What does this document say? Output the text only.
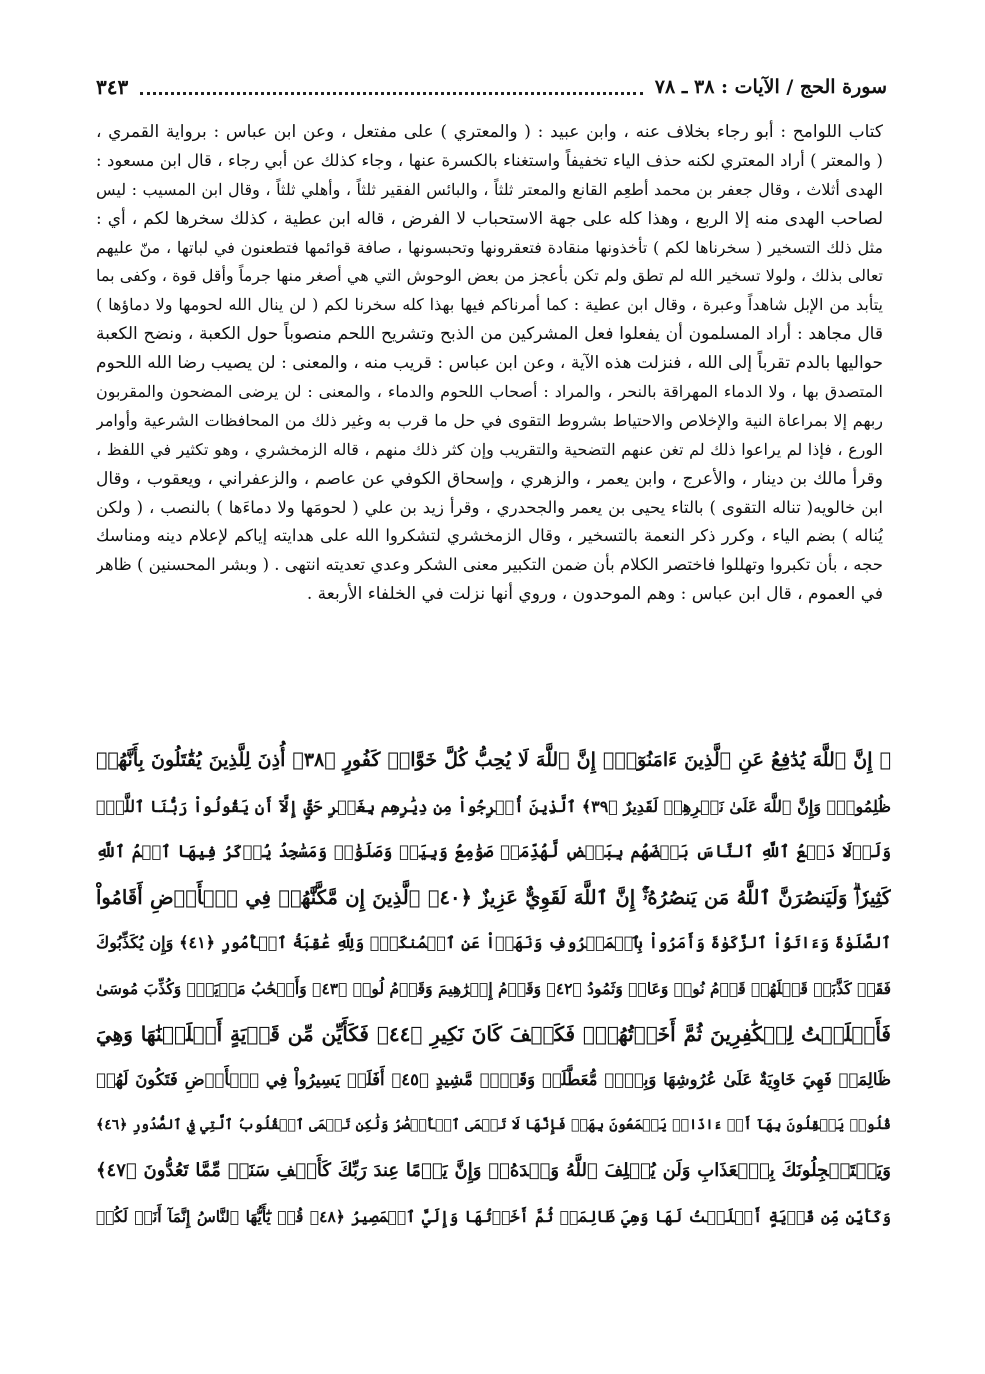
سورة الحج / الآيات : ٣٨ ـ ٧٨
٣٤٣
كتاب اللوامح : أبو رجاء بخلاف عنه ، وابن عبيد : ( والمعتري ) على مفتعل ، وعن ابن عباس : برواية القمري ،
( والمعتر ) أراد المعتري لكنه حذف الياء تخفيفاً واستغناء بالكسرة عنها ، وجاء كذلك عن أبي رجاء ، قال ابن مسعود :
الهدى أثلاث ، وقال جعفر بن محمد أطعِم القانع والمعتر ثلثاً ، والبائس الفقير ثلثاً ، وأهلي ثلثاً ، وقال ابن المسيب : ليس
لصاحب الهدى منه إلا الربع ، وهذا كله على جهة الاستحباب لا الفرض ، قاله ابن عطية ، كذلك سخرها لكم ، أي :
مثل ذلك التسخير ( سخرناها لكم ) تأخذونها منقادة فتعقرونها وتحبسونها ، صافة قوائمها فتطعنون في لباتها ، منّ عليهم
تعالى بذلك ، ولولا تسخير الله لم تطق ولم تكن بأعجز من بعض الوحوش التي هي أصغر منها جرماً وأقل قوة ، وكفى بما
يتأبد من الإبل شاهداً وعبرة ، وقال ابن عطية : كما أمرناكم فيها بهذا كله سخرنا لكم ( لن ينال الله لحومها ولا دماؤها )
قال مجاهد : أراد المسلمون أن يفعلوا فعل المشركين من الذبح وتشريح اللحم منصوباً حول الكعبة ، ونضح الكعبة
حواليها بالدم تقرباً إلى الله ، فنزلت هذه الآية ، وعن ابن عباس : قريب منه ، والمعنى : لن يصيب رضا الله اللحوم
المتصدق بها ، ولا الدماء المهراقة بالنحر ، والمراد : أصحاب اللحوم والدماء ، والمعنى : لن يرضى المضحون والمقربون
ربهم إلا بمراعاة النية والإخلاص والاحتياط بشروط التقوى في حل ما قرب به وغير ذلك من المحافظات الشرعية وأوامر
الورع ، فإذا لم يراعوا ذلك لم تغن عنهم التضحية والتقريب وإن كثر ذلك منهم ، قاله الزمخشري ، وهو تكثير في اللفظ ،
وقرأ مالك بن دينار ، والأعرج ، وابن يعمر ، والزهري ، وإسحاق الكوفي عن عاصم ، والزعفراني ، ويعقوب ، وقال
ابن خالويه( تناله التقوى ) بالتاء يحيى بن يعمر والجحدري ، وقرأ زيد بن علي ( لحومَها ولا دماءَها ) بالنصب ، ( ولكن
يُناله ) بضم الياء ، وكرر ذكر النعمة بالتسخير ، وقال الزمخشري لتشكروا الله على هدايته إياكم لإعلام دينه ومناسك
حجه ، بأن تكبروا وتهللوا فاختصر الكلام بأن ضمن التكبير معنى الشكر وعدي تعديته انتهى . ( وبشر المحسنين ) ظاهر
في العموم ، قال ابن عباس : وهم الموحدون ، وروي أنها نزلت في الخلفاء الأربعة .
۞ إِنَّ ٱللَّهَ يُدَٰفِعُ عَنِ ٱلَّذِينَ ءَامَنُوٓاْۗ إِنَّ ٱللَّهَ لَا يُحِبُّ كُلَّ خَوَّانٖ كَفُورٍ ﴿٣٨﴾ أُذِنَ لِلَّذِينَ يُقَٰتَلُونَ بِأَنَّهُمۡ
ظُلِمُواْۚ وَإِنَّ ٱللَّهَ عَلَىٰ نَصۡرِهِمۡ لَقَدِيرٌ ﴿٣٩﴾ ٱلَّذِينَ أُخۡرِجُواْ مِن دِيَٰرِهِم بِغَيۡرِ حَقٍّ إِلَّآ أَن يَقُولُواْ رَبُّنَا ٱللَّهُۗ
وَلَوۡلَا دَفۡعُ ٱللَّهِ ٱلنَّاسَ بَعۡضَهُم بِبَعۡضٖ لَّهُدِّمَتۡ صَوَٰمِعُ وَبِيَعٞ وَصَلَوَٰتٞ وَمَسَٰجِدُ يُذۡكَرُ فِيهَا ٱسۡمُ ٱللَّهِ
كَثِيرٗاۗ وَلَيَنصُرَنَّ ٱللَّهُ مَن يَنصُرُهُۥٓۚ إِنَّ ٱللَّهَ لَقَوِيٌّ عَزِيزٌ ﴿٤٠﴾ ٱلَّذِينَ إِن مَّكَّنَّٰهُمۡ فِي ٱلۡأَرۡضِ أَقَامُواْ
ٱلصَّلَوٰةَ وَءَاتَوُاْ ٱلزَّكَوٰةَ وَأَمَرُواْ بِٱلۡمَعۡرُوفِ وَنَهَوۡاْ عَنِ ٱلۡمُنكَرِۗ وَلِلَّهِ عَٰقِبَةُ ٱلۡأُمُورِ ﴿٤١﴾ وَإِن يُكَذِّبُوكَ
فَقَدۡ كَذَّبَتۡ قَبۡلَهُمۡ قَوۡمُ نُوحٖ وَعَادٞ وَثَمُودُ ﴿٤٢﴾ وَقَوۡمُ إِبۡرَٰهِيمَ وَقَوۡمُ لُوطٖ ﴿٤٣﴾ وَأَصۡحَٰبُ مَدۡيَنَۖ وَكُذِّبَ مُوسَىٰ
فَأَمۡلَيۡتُ لِلۡكَٰفِرِينَ ثُمَّ أَخَذۡتُهُمۡۖ فَكَيۡفَ كَانَ نَكِيرِ ﴿٤٤﴾ فَكَأَيِّن مِّن قَرۡيَةٍ أَهۡلَكۡنَٰهَا وَهِيَ
ظَالِمَةٞ فَهِيَ خَاوِيَةٌ عَلَىٰ عُرُوشِهَا وَبِئۡرٖ مُّعَطَّلَةٖ وَقَصۡرٖ مَّشِيدٍ ﴿٤٥﴾ أَفَلَمۡ يَسِيرُواْ فِي ٱلۡأَرۡضِ فَتَكُونَ لَهُمۡ
قُلُوبٞ يَعۡقِلُونَ بِهَآ أَوۡ ءَاذَانٞ يَسۡمَعُونَ بِهَاۖ فَإِنَّهَا لَا تَعۡمَى ٱلۡأَبۡصَٰرُ وَلَٰكِن تَعۡمَى ٱلۡقُلُوبُ ٱلَّتِي فِي ٱلصُّدُورِ ﴿٤٦﴾
وَيَسۡتَعۡجِلُونَكَ بِٱلۡعَذَابِ وَلَن يُخۡلِفَ ٱللَّهُ وَعۡدَهُۥۚ وَإِنَّ يَوۡمًا عِندَ رَبِّكَ كَأَلۡفِ سَنَةٖ مِّمَّا تَعُدُّونَ ﴿٤٧﴾
وَكَأَيِّن مِّن قَرۡيَةٍ أَمۡلَيۡتُ لَهَا وَهِيَ ظَالِمَةٞ ثُمَّ أَخَذۡتُهَا وَإِلَيَّ ٱلۡمَصِيرُ ﴿٤٨﴾ قُلۡ يَٰٓأَيُّهَا ٱلنَّاسُ إِنَّمَآ أَنَا۠ لَكُمۡ
